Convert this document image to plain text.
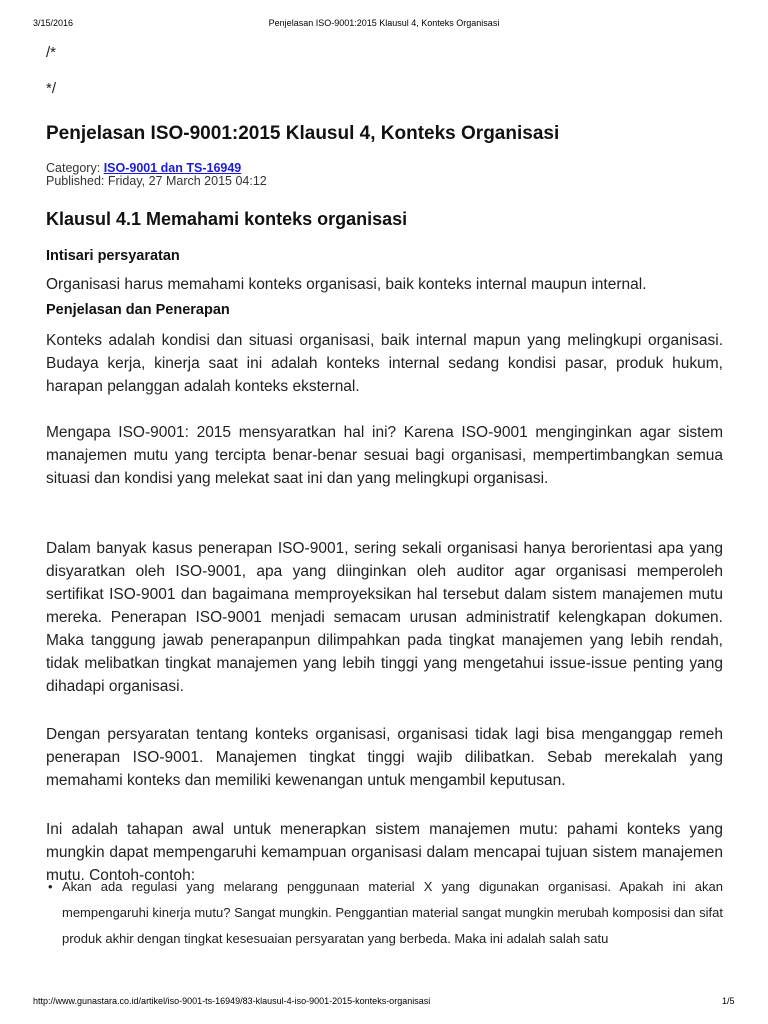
3/15/2016	Penjelasan ISO-9001:2015 Klausul 4, Konteks Organisasi
/*
*/
Penjelasan ISO-9001:2015 Klausul 4, Konteks Organisasi
Category: ISO-9001 dan TS-16949
Published: Friday, 27 March 2015 04:12
Klausul 4.1 Memahami konteks organisasi
Intisari persyaratan
Organisasi harus memahami konteks organisasi, baik konteks internal maupun internal.
Penjelasan dan Penerapan
Konteks adalah kondisi dan situasi organisasi, baik internal mapun yang melingkupi organisasi. Budaya kerja, kinerja saat ini adalah konteks internal sedang kondisi pasar, produk hukum, harapan pelanggan adalah konteks eksternal.
Mengapa ISO-9001: 2015 mensyaratkan hal ini? Karena ISO-9001 menginginkan agar sistem manajemen mutu yang tercipta benar-benar sesuai bagi organisasi, mempertimbangkan semua situasi dan kondisi yang melekat saat ini dan yang melingkupi organisasi.
Dalam banyak kasus penerapan ISO-9001, sering sekali organisasi hanya berorientasi apa yang disyaratkan oleh ISO-9001, apa yang diinginkan oleh auditor agar organisasi memperoleh sertifikat ISO-9001 dan bagaimana memproyeksikan hal tersebut dalam sistem manajemen mutu mereka. Penerapan ISO-9001 menjadi semacam urusan administratif kelengkapan dokumen. Maka tanggung jawab penerapanpun dilimpahkan pada tingkat manajemen yang lebih rendah, tidak melibatkan tingkat manajemen yang lebih tinggi yang mengetahui issue-issue penting yang dihadapi organisasi.
Dengan persyaratan tentang konteks organisasi, organisasi tidak lagi bisa menganggap remeh penerapan ISO-9001. Manajemen tingkat tinggi wajib dilibatkan. Sebab merekalah yang memahami konteks dan memiliki kewenangan untuk mengambil keputusan.
Ini adalah tahapan awal untuk menerapkan sistem manajemen mutu: pahami konteks yang mungkin dapat mempengaruhi kemampuan organisasi dalam mencapai tujuan sistem manajemen mutu. Contoh-contoh:
• Akan ada regulasi yang melarang penggunaan material X yang digunakan organisasi. Apakah ini akan mempengaruhi kinerja mutu? Sangat mungkin. Penggantian material sangat mungkin merubah komposisi dan sifat produk akhir dengan tingkat kesesuaian persyaratan yang berbeda. Maka ini adalah salah satu
http://www.gunastara.co.id/artikel/iso-9001-ts-16949/83-klausul-4-iso-9001-2015-konteks-organisasi	1/5
